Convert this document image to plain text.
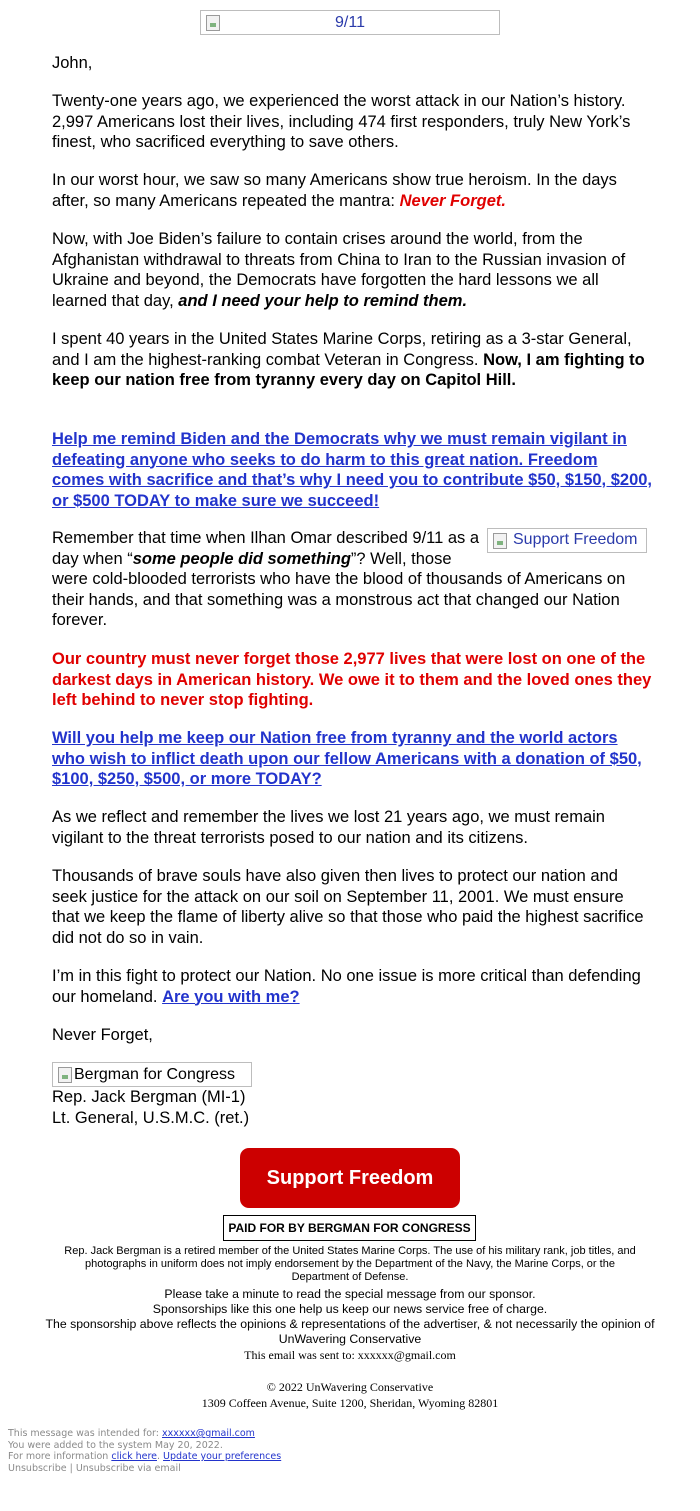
9/11

John,

Twenty-one years ago, we experienced the worst attack in our Nation’s history. 2,997 Americans lost their lives, including 474 first responders, truly New York’s finest, who sacrificed everything to save others.

In our worst hour, we saw so many Americans show true heroism. In the days after, so many Americans repeated the mantra: Never Forget.

Now, with Joe Biden’s failure to contain crises around the world, from the Afghanistan withdrawal to threats from China to Iran to the Russian invasion of Ukraine and beyond, the Democrats have forgotten the hard lessons we all learned that day, and I need your help to remind them.

I spent 40 years in the United States Marine Corps, retiring as a 3-star General, and I am the highest-ranking combat Veteran in Congress. Now, I am fighting to keep our nation free from tyranny every day on Capitol Hill.

Help me remind Biden and the Democrats why we must remain vigilant in defeating anyone who seeks to do harm to this great nation. Freedom comes with sacrifice and that’s why I need you to contribute $50, $150, $200, or $500 TODAY to make sure we succeed!

Support Freedom
Remember that time when Ilhan Omar described 9/11 as a day when “some people did something”? Well, those were cold-blooded terrorists who have the blood of thousands of Americans on their hands, and that something was a monstrous act that changed our Nation forever.

Our country must never forget those 2,977 lives that were lost on one of the darkest days in American history. We owe it to them and the loved ones they left behind to never stop fighting.

Will you help me keep our Nation free from tyranny and the world actors who wish to inflict death upon our fellow Americans with a donation of $50, $100, $250, $500, or more TODAY?

As we reflect and remember the lives we lost 21 years ago, we must remain vigilant to the threat terrorists posed to our nation and its citizens.

Thousands of brave souls have also given then lives to protect our nation and seek justice for the attack on our soil on September 11, 2001. We must ensure that we keep the flame of liberty alive so that those who paid the highest sacrifice did not do so in vain.

I’m in this fight to protect our Nation. No one issue is more critical than defending our homeland. Are you with me?

Never Forget,

Bergman for Congress

Rep. Jack Bergman (MI-1)

Lt. General, U.S.M.C. (ret.)

Support Freedom
PAID FOR BY BERGMAN FOR CONGRESS

Rep. Jack Bergman is a retired member of the United States Marine Corps. The use of his military rank, job titles, and photographs in uniform does not imply endorsement by the Department of the Navy, the Marine Corps, or the Department of Defense.

Please take a minute to read the special message from our sponsor.
Sponsorships like this one help us keep our news service free of charge.
The sponsorship above reflects the opinions & representations of the advertiser, & not necessarily the opinion of UnWavering Conservative
This email was sent to: xxxxxx@gmail.com
© 2022 UnWavering Conservative
1309 Coffeen Avenue, Suite 1200, Sheridan, Wyoming 82801
This message was intended for: xxxxxx@gmail.com
You were added to the system May 20, 2022.
For more information click here. Update your preferences
Unsubscribe | Unsubscribe via email
